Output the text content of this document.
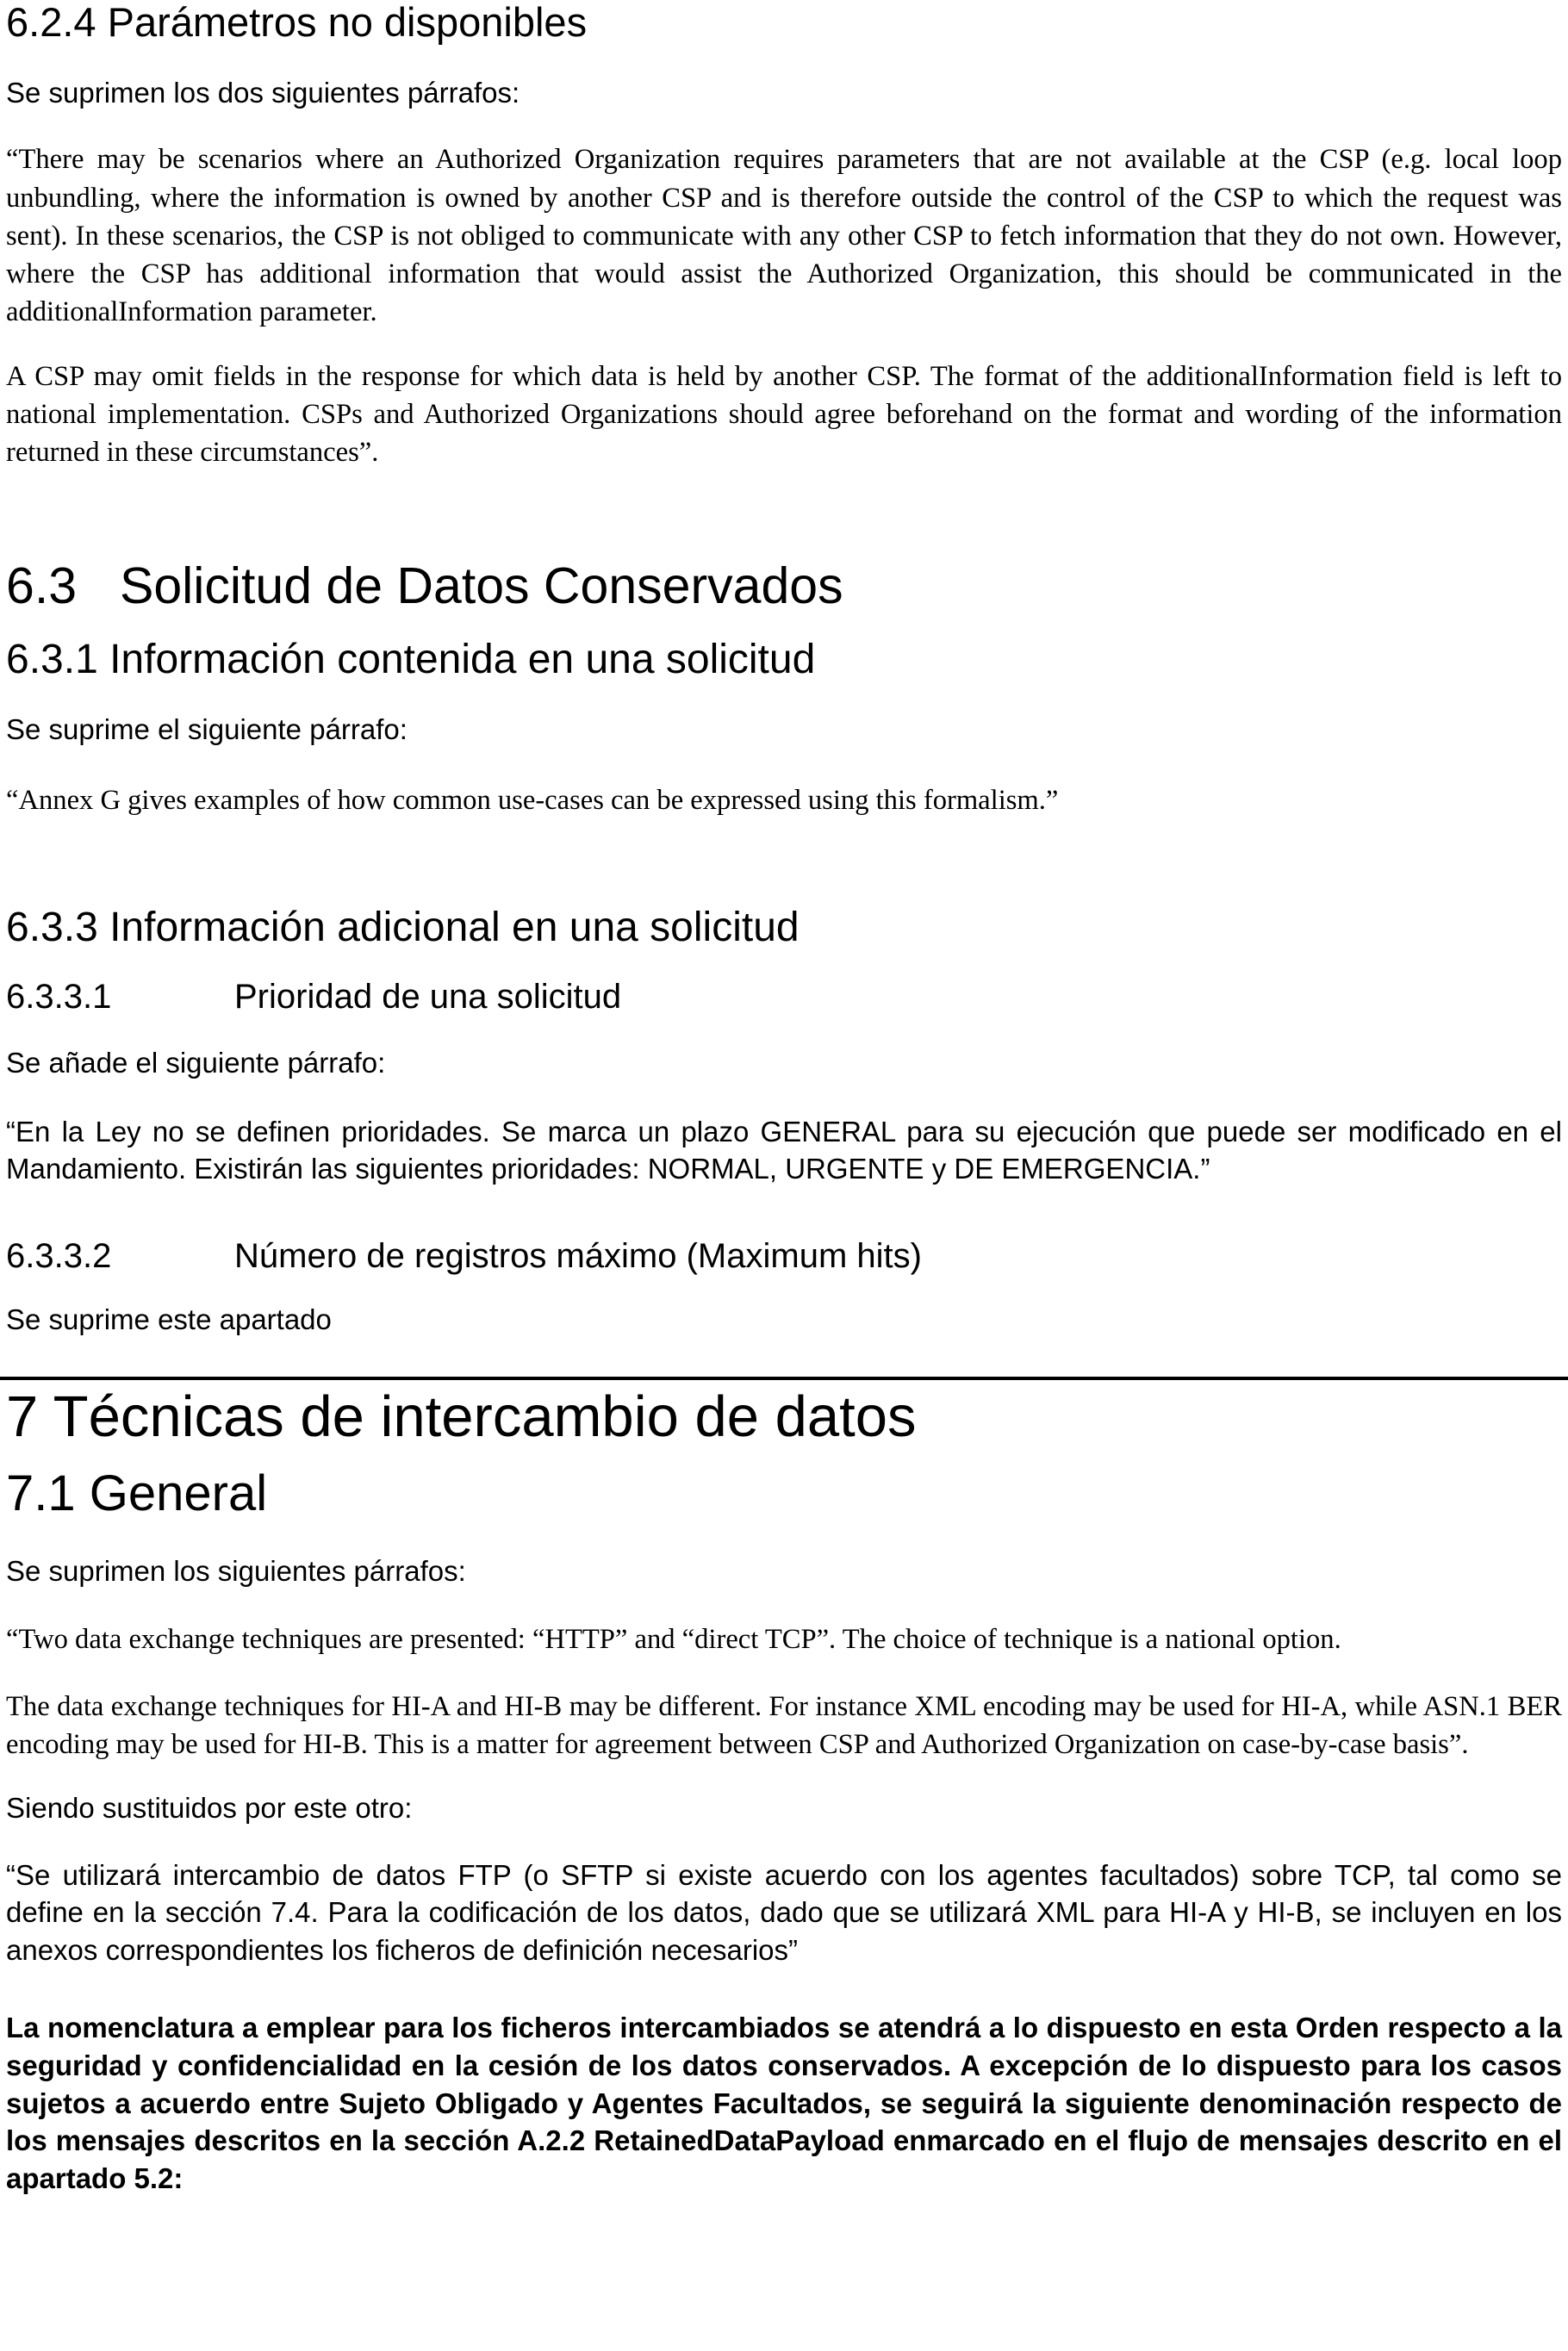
6.2.4 Parámetros no disponibles

Se suprimen los dos siguientes párrafos:

“There may be scenarios where an Authorized Organization requires parameters that are not available at the CSP (e.g. local loop unbundling, where the information is owned by another CSP and is therefore outside the control of the CSP to which the request was sent). In these scenarios, the CSP is not obliged to communicate with any other CSP to fetch information that they do not own. However, where the CSP has additional information that would assist the Authorized Organization, this should be communicated in the additionalInformation parameter.

A CSP may omit fields in the response for which data is held by another CSP. The format of the additionalInformation field is left to national implementation. CSPs and Authorized Organizations should agree beforehand on the format and wording of the information returned in these circumstances”.

6.3 Solicitud de Datos Conservados
6.3.1 Información contenida en una solicitud

Se suprime el siguiente párrafo:

“Annex G gives examples of how common use-cases can be expressed using this formalism.”

6.3.3 Información adicional en una solicitud
6.3.3.1	Prioridad de una solicitud

Se añade el siguiente párrafo:

“En la Ley no se definen prioridades. Se marca un plazo GENERAL para su ejecución que puede ser modificado en el Mandamiento. Existirán las siguientes prioridades: NORMAL, URGENTE y DE EMERGENCIA.”

6.3.3.2	Número de registros máximo (Maximum hits)

Se suprime este apartado

7 Técnicas de intercambio de datos
7.1 General

Se suprimen los siguientes párrafos:

“Two data exchange techniques are presented: “HTTP” and “direct TCP”. The choice of technique is a national option.

The data exchange techniques for HI-A and HI-B may be different. For instance XML encoding may be used for HI-A, while ASN.1 BER encoding may be used for HI-B. This is a matter for agreement between CSP and Authorized Organization on case-by-case basis”.

Siendo sustituidos por este otro:

“Se utilizará intercambio de datos FTP (o SFTP si existe acuerdo con los agentes facultados) sobre TCP, tal como se define en la sección 7.4. Para la codificación de los datos, dado que se utilizará XML para HI-A y HI-B, se incluyen en los anexos correspondientes los ficheros de definición necesarios”

La nomenclatura a emplear para los ficheros intercambiados se atendrá a lo dispuesto en esta Orden respecto a la seguridad y confidencialidad en la cesión de los datos conservados. A excepción de lo dispuesto para los casos sujetos a acuerdo entre Sujeto Obligado y Agentes Facultados, se seguirá la siguiente denominación respecto de los mensajes descritos en la sección A.2.2 RetainedDataPayload enmarcado en el flujo de mensajes descrito en el apartado 5.2:
